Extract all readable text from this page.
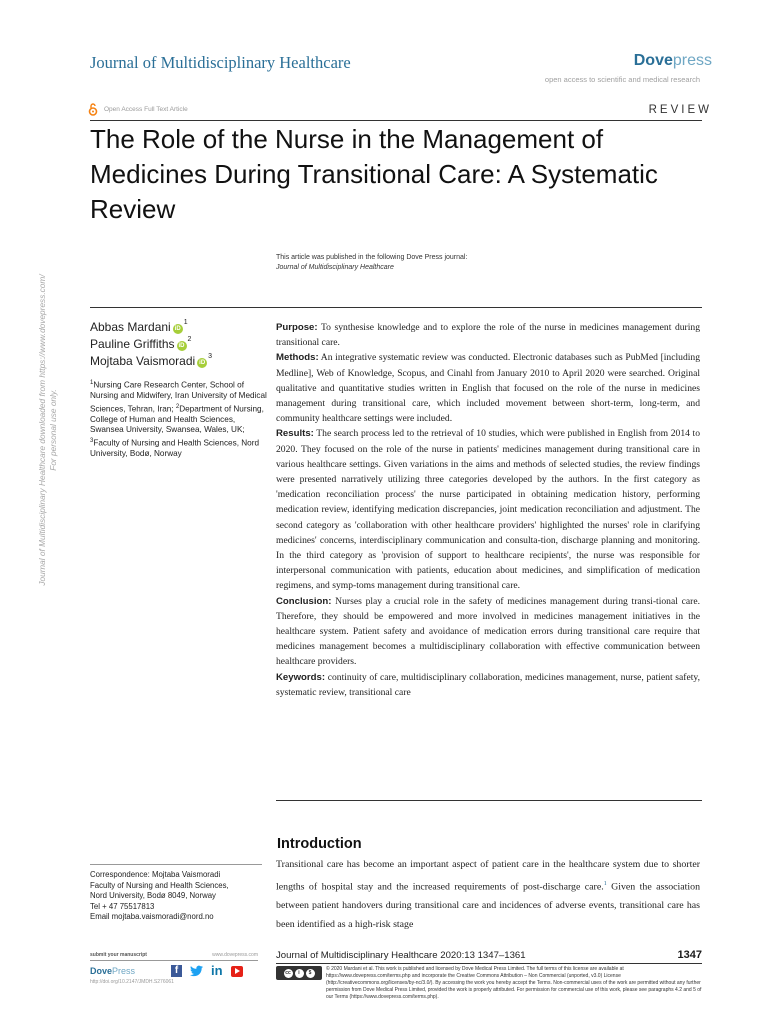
Journal of Multidisciplinary Healthcare	Dovepress
open access to scientific and medical research
Open Access Full Text Article	REVIEW
The Role of the Nurse in the Management of
Medicines During Transitional Care: A Systematic
Review
This article was published in the following Dove Press journal:
Journal of Multidisciplinary Healthcare
Journal of Multidisciplinary Healthcare downloaded from https://www.dovepress.com/
For personal use only.
Abbas Mardani iD
1
Pauline Griffiths iD
2
Mojtaba Vaismoradi iD
3
$^1$Nursing Care Research Center, School of Nursing and Midwifery, Iran University of Medical Sciences, Tehran, Iran; $^2$Department of Nursing, College of Human and Health Sciences, Swansea University, Swansea, Wales, UK; $^3$Faculty of Nursing and Health Sciences, Nord University, Bodø, Norway

Purpose: To synthesise knowledge and to explore the role of the nurse in medicines management during transitional care.

Methods: An integrative systematic review was conducted. Electronic databases such as PubMed [including Medline], Web of Knowledge, Scopus, and Cinahl from January 2010 to April 2020 were searched. Original qualitative and quantitative studies written in English that focused on the role of the nurse in medicines management during transitional care, which included movement between short-term, long-term, and community healthcare settings were included.

Results: The search process led to the retrieval of 10 studies, which were published in English from 2014 to 2020. They focused on the role of the nurse in patients' medicines management during transitional care in various healthcare settings. Given variations in the aims and methods of selected studies, the review findings were presented narratively utilizing three categories developed by the authors. In the first category as 'medication reconciliation process' the nurse participated in obtaining medication history, performing medication review, identifying medication discrepancies, joint medication reconciliation and adjustment. The second category as 'collaboration with other healthcare providers' highlighted the nurses' role in clarifying medicines' concerns, interdisciplinary communication and consulta-tion, discharge planning and monitoring. In the third category as 'provision of support to healthcare recipients', the nurse was responsible for interpersonal communication with patients, education about medicines, and simplification of medication regimens, and symp-toms management during transitional care.

Conclusion: Nurses play a crucial role in the safety of medicines management during transi-tional care. Therefore, they should be empowered and more involved in medicines management initiatives in the healthcare system. Patient safety and avoidance of medication errors during transitional care require that medicines management becomes a multidisciplinary collaboration with effective communication between healthcare providers.

Keywords: continuity of care, multidisciplinary collaboration, medicines management, nurse, patient safety, systematic review, transitional care

Introduction
Transitional care has become an important aspect of patient care in the healthcare system due to shorter lengths of hospital stay and the increased requirements of post-discharge care.$^1$ Given the association between patient handovers during transitional care and incidences of adverse events, transitional care has been identified as a high-risk stage
Correspondence: Mojtaba Vaismoradi
Faculty of Nursing and Health Sciences,
Nord University, Bodø 8049, Norway
Tel + 47 75517813
Email mojtaba.vaismoradi@nord.no
www.dovepress.com
submit your manuscript
DovePress	f	in
http://doi.org/10.2147/JMDH.S276061
Journal of Multidisciplinary Healthcare 2020:13 1347–1361	1347
cc	i	$
© 2020 Mardani et al. This work is published and licensed by Dove Medical Press Limited. The full terms of this license are available at https://www.dovepress.com/terms.php and incorporate the Creative Commons Attribution – Non Commercial (unported, v3.0) License (http://creativecommons.org/licenses/by-nc/3.0/). By accessing the work you hereby accept the Terms. Non-commercial uses of the work are permitted without any further permission from Dove Medical Press Limited, provided the work is properly attributed. For permission for commercial use of this work, please see paragraphs 4.2 and 5 of our Terms (https://www.dovepress.com/terms.php).
